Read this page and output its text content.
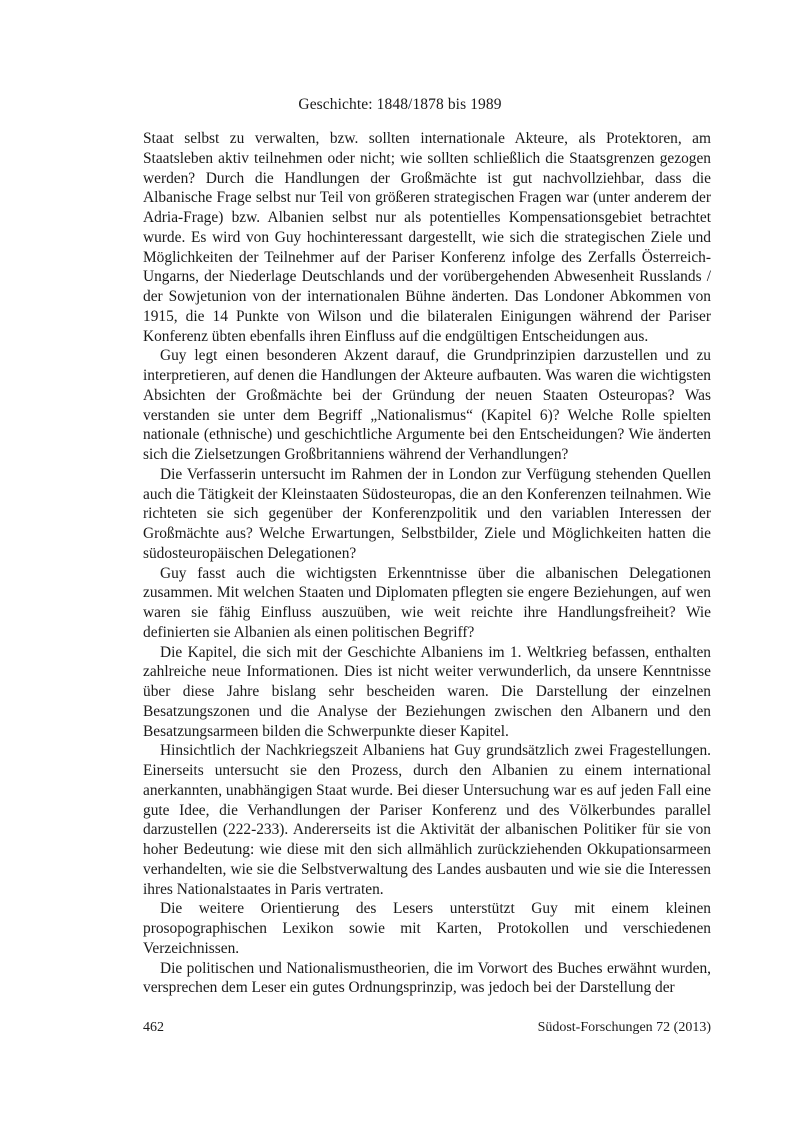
Geschichte: 1848/1878 bis 1989

Staat selbst zu verwalten, bzw. sollten internationale Akteure, als Protektoren, am Staatsleben aktiv teilnehmen oder nicht; wie sollten schließlich die Staatsgrenzen gezogen werden? Durch die Handlungen der Großmächte ist gut nachvollziehbar, dass die Albanische Frage selbst nur Teil von größeren strategischen Fragen war (unter anderem der Adria-Frage) bzw. Albanien selbst nur als potentielles Kompensationsgebiet betrachtet wurde. Es wird von Guy hochinteressant dargestellt, wie sich die strategischen Ziele und Möglichkeiten der Teilnehmer auf der Pariser Konferenz infolge des Zerfalls Österreich-Ungarns, der Niederlage Deutschlands und der vorübergehenden Abwesenheit Russlands / der Sowjetunion von der internationalen Bühne änderten. Das Londoner Abkommen von 1915, die 14 Punkte von Wilson und die bilateralen Einigungen während der Pariser Konferenz übten ebenfalls ihren Einfluss auf die endgültigen Entscheidungen aus.

Guy legt einen besonderen Akzent darauf, die Grundprinzipien darzustellen und zu interpretieren, auf denen die Handlungen der Akteure aufbauten. Was waren die wichtigsten Absichten der Großmächte bei der Gründung der neuen Staaten Osteuropas? Was verstanden sie unter dem Begriff „Nationalismus“ (Kapitel 6)? Welche Rolle spielten nationale (ethnische) und geschichtliche Argumente bei den Entscheidungen? Wie änderten sich die Zielsetzungen Großbritanniens während der Verhandlungen?

Die Verfasserin untersucht im Rahmen der in London zur Verfügung stehenden Quellen auch die Tätigkeit der Kleinstaaten Südosteuropas, die an den Konferenzen teilnahmen. Wie richteten sie sich gegenüber der Konferenzpolitik und den variablen Interessen der Großmächte aus? Welche Erwartungen, Selbstbilder, Ziele und Möglichkeiten hatten die südosteuropäischen Delegationen?

Guy fasst auch die wichtigsten Erkenntnisse über die albanischen Delegationen zusammen. Mit welchen Staaten und Diplomaten pflegten sie engere Beziehungen, auf wen waren sie fähig Einfluss auszuüben, wie weit reichte ihre Handlungsfreiheit? Wie definierten sie Albanien als einen politischen Begriff?

Die Kapitel, die sich mit der Geschichte Albaniens im 1. Weltkrieg befassen, enthalten zahlreiche neue Informationen. Dies ist nicht weiter verwunderlich, da unsere Kenntnisse über diese Jahre bislang sehr bescheiden waren. Die Darstellung der einzelnen Besatzungszonen und die Analyse der Beziehungen zwischen den Albanern und den Besatzungsarmeen bilden die Schwerpunkte dieser Kapitel.

Hinsichtlich der Nachkriegszeit Albaniens hat Guy grundsätzlich zwei Fragestellungen. Einerseits untersucht sie den Prozess, durch den Albanien zu einem international anerkannten, unabhängigen Staat wurde. Bei dieser Untersuchung war es auf jeden Fall eine gute Idee, die Verhandlungen der Pariser Konferenz und des Völkerbundes parallel darzustellen (222-233). Andererseits ist die Aktivität der albanischen Politiker für sie von hoher Bedeutung: wie diese mit den sich allmählich zurückziehenden Okkupationsarmeen verhandelten, wie sie die Selbstverwaltung des Landes ausbauten und wie sie die Interessen ihres Nationalstaates in Paris vertraten.

Die weitere Orientierung des Lesers unterstützt Guy mit einem kleinen prosopographischen Lexikon sowie mit Karten, Protokollen und verschiedenen Verzeichnissen.

Die politischen und Nationalismustheorien, die im Vorwort des Buches erwähnt wurden, versprechen dem Leser ein gutes Ordnungsprinzip, was jedoch bei der Darstellung der

462	Südost-Forschungen 72 (2013)
